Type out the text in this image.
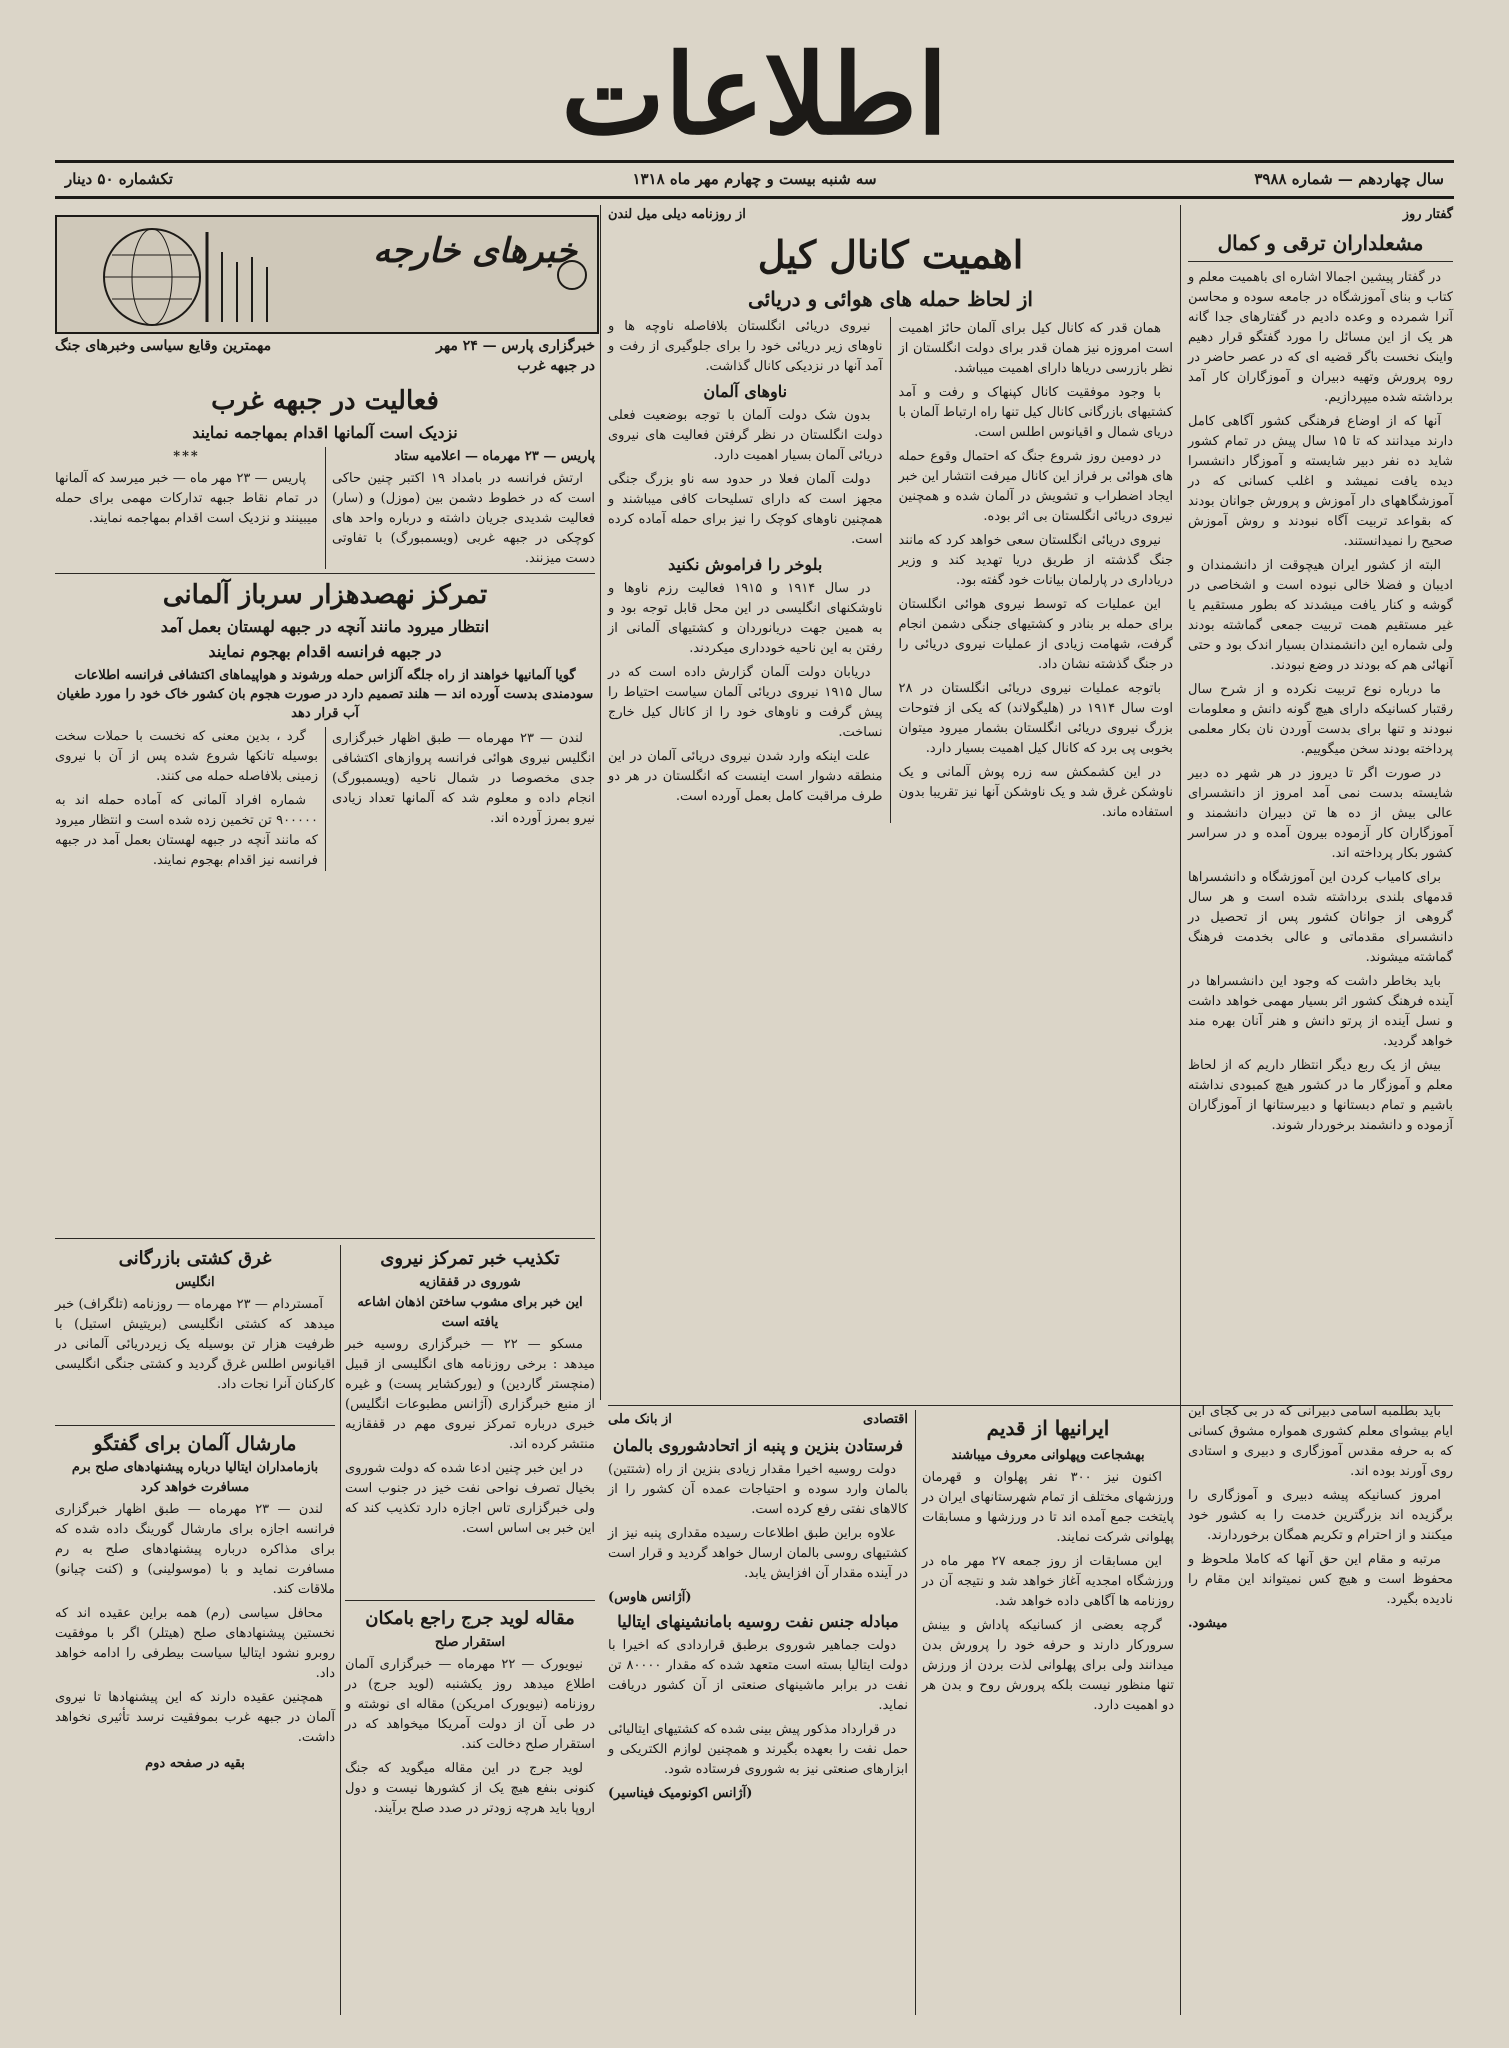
اطلاعات
سال چهاردهم — شماره ۳۹۸۸
سه شنبه بیست و چهارم مهر ماه ۱۳۱۸
تکشماره ۵۰ دینار
گفتار روز
مشعلداران ترقی و کمال

در گفتار پیشین اجمالا اشاره ای باهمیت معلم و کتاب و بنای آموزشگاه در جامعه سوده و محاسن آنرا شمرده و وعده دادیم در گفتارهای جدا گانه هر یک از این مسائل را مورد گفتگو قرار دهیم واینک نخست باگر قضیه ای که در عصر حاضر در روه پرورش وتهیه دبیران و آموزگاران کار آمد برداشته شده میپردازیم.

آنها که از اوضاع فرهنگی کشور آگاهی کامل دارند میدانند که تا ۱۵ سال پیش در تمام کشور شاید ده نفر دبیر شایسته و آموزگار دانشسرا دیده یافت نمیشد و اغلب کسانی که در آموزشگاههای دار آموزش و پرورش جوانان بودند که بقواعد تربیت آگاه نبودند و روش آموزش صحیح را نمیدانستند.

البته از کشور ایران هیچوقت از دانشمندان و ادیبان و فضلا خالی نبوده است و اشخاصی در گوشه و کنار یافت میشدند که بطور مستقیم یا غیر مستقیم همت تربیت جمعی گماشته بودند ولی شماره این دانشمندان بسیار اندک بود و حتی آنهائی هم که بودند در وضع نبودند.

ما درباره نوع تربیت نکرده و از شرح سال رقتبار کسانیکه دارای هیچ گونه دانش و معلومات نبودند و تنها برای بدست آوردن نان بکار معلمی پرداخته بودند سخن میگوییم.

در صورت اگر تا دیروز در هر شهر ده دبیر شایسته بدست نمی آمد امروز از دانشسرای عالی بیش از ده ها تن دبیران دانشمند و آموزگاران کار آزموده بیرون آمده و در سراسر کشور بکار پرداخته اند.

برای کامیاب کردن این آموزشگاه و دانشسراها قدمهای بلندی برداشته شده است و هر سال گروهی از جوانان کشور پس از تحصیل در دانشسرای مقدماتی و عالی بخدمت فرهنگ گماشته میشوند.

باید بخاطر داشت که وجود این دانشسراها در آینده فرهنگ کشور اثر بسیار مهمی خواهد داشت و نسل آینده از پرتو دانش و هنر آنان بهره مند خواهد گردید.

بیش از یک ربع دیگر انتظار داریم که از لحاظ معلم و آموزگار ما در کشور هیچ کمبودی نداشته باشیم و تمام دبستانها و دبیرستانها از آموزگاران آزموده و دانشمند برخوردار شوند.

از روزنامه دیلی میل لندن
اهمیت کانال کیل
از لحاظ حمله های هوائی و دریائی

همان قدر که کانال کیل برای آلمان حائز اهمیت است امروزه نیز همان قدر برای دولت انگلستان از نظر بازرسی دریاها دارای اهمیت میباشد.

با وجود موفقیت کانال کپنهاک و رفت و آمد کشتیهای بازرگانی کانال کیل تنها راه ارتباط آلمان با دریای شمال و اقیانوس اطلس است.

در دومین روز شروع جنگ که احتمال وقوع حمله های هوائی بر فراز این کانال میرفت انتشار این خبر ایجاد اضطراب و تشویش در آلمان شده و همچنین نیروی دریائی انگلستان بی اثر بوده.

نیروی دریائی انگلستان سعی خواهد کرد که مانند جنگ گذشته از طریق دریا تهدید کند و وزیر دریاداری در پارلمان بیانات خود گفته بود.

این عملیات که توسط نیروی هوائی انگلستان برای حمله بر بنادر و کشتیهای جنگی دشمن انجام گرفت، شهامت زیادی از عملیات نیروی دریائی را در جنگ گذشته نشان داد.

باتوجه عملیات نیروی دریائی انگلستان در ۲۸ اوت سال ۱۹۱۴ در (هلیگولاند) که یکی از فتوحات بزرگ نیروی دریائی انگلستان بشمار میرود میتوان بخوبی پی برد که کانال کیل اهمیت بسیار دارد.

در این کشمکش سه زره پوش آلمانی و یک ناوشکن غرق شد و یک ناوشکن آنها نیز تقریبا بدون استفاده ماند.

نیروی دریائی انگلستان بلافاصله ناوچه ها و ناوهای زیر دریائی خود را برای جلوگیری از رفت و آمد آنها در نزدیکی کانال گذاشت.

ناوهای آلمان

بدون شک دولت آلمان با توجه بوضعیت فعلی دولت انگلستان در نظر گرفتن فعالیت های نیروی دریائی آلمان بسیار اهمیت دارد.

دولت آلمان فعلا در حدود سه ناو بزرگ جنگی مجهز است که دارای تسلیحات کافی میباشند و همچنین ناوهای کوچک را نیز برای حمله آماده کرده است.

بلوخر را فراموش نکنید

در سال ۱۹۱۴ و ۱۹۱۵ فعالیت رزم ناوها و ناوشکنهای انگلیسی در این محل قابل توجه بود و به همین جهت دریانوردان و کشتیهای آلمانی از رفتن به این ناحیه خودداری میکردند.

دریابان دولت آلمان گزارش داده است که در سال ۱۹۱۵ نیروی دریائی آلمان سیاست احتیاط را پیش گرفت و ناوهای خود را از کانال کیل خارج نساخت.

علت اینکه وارد شدن نیروی دریائی آلمان در این منطقه دشوار است اینست که انگلستان در هر دو طرف مراقبت کامل بعمل آورده است.

خبرهای خارجه
خبرگزاری پارس — ۲۴ مهر
مهمترین وقایع سیاسی وخبرهای جنگ
در جبهه غرب
فعالیت در جبهه غرب
نزدیک است آلمانها اقدام بمهاجمه نمایند
پاریس — ۲۳ مهرماه — اعلامیه ستاد

ارتش فرانسه در بامداد ۱۹ اکتبر چنین حاکی است که در خطوط دشمن بین (موزل) و (سار) فعالیت شدیدی جریان داشته و درباره واحد های کوچکی در جبهه غربی (ویسمبورگ) با تفاوتی دست میزنند.

***

پاریس — ۲۳ مهر ماه — خبر میرسد که آلمانها در تمام نقاط جبهه تدارکات مهمی برای حمله میبینند و نزدیک است اقدام بمهاجمه نمایند.

تمرکز نهصدهزار سرباز آلمانی
انتظار میرود مانند آنچه در جبهه لهستان بعمل آمد
در جبهه فرانسه اقدام بهجوم نمایند
گویا آلمانیها خواهند از راه جلگه آلزاس حمله ورشوند و هواپیماهای اکتشافی فرانسه اطلاعات سودمندی بدست آورده اند — هلند تصمیم دارد در صورت هجوم بان کشور خاک خود را مورد طغیان آب قرار دهد

لندن — ۲۳ مهرماه — طبق اظهار خبرگزاری انگلیس نیروی هوائی فرانسه پروازهای اکتشافی جدی مخصوصا در شمال ناحیه (ویسمبورگ) انجام داده و معلوم شد که آلمانها تعداد زیادی نیرو بمرز آورده اند.

گرد ، بدین معنی که نخست با حملات سخت بوسیله تانکها شروع شده پس از آن با نیروی زمینی بلافاصله حمله می کنند.

شماره افراد آلمانی که آماده حمله اند به ۹۰۰۰۰۰ تن تخمین زده شده است و انتظار میرود که مانند آنچه در جبهه لهستان بعمل آمد در جبهه فرانسه نیز اقدام بهجوم نمایند.

تکذیب خبر تمرکز نیروی
شوروی در قفقازیه
این خبر برای مشوب ساختن اذهان اشاعه یافته است

مسکو — ۲۲ — خبرگزاری روسیه خبر میدهد : برخی روزنامه های انگلیسی از قبیل (منچستر گاردین) و (یورکشایر پست) و غیره از منبع خبرگزاری (آژانس مطبوعات انگلیس) خبری درباره تمرکز نیروی مهم در قفقازیه منتشر کرده اند.

در این خبر چنین ادعا شده که دولت شوروی بخیال تصرف نواحی نفت خیز در جنوب است ولی خبرگزاری تاس اجازه دارد تکذیب کند که این خبر بی اساس است.

غرق کشتی بازرگانی
انگلیس

آمستردام — ۲۳ مهرماه — روزنامه (تلگراف) خبر میدهد که کشتی انگلیسی (بریتیش استیل) با ظرفیت هزار تن بوسیله یک زیردریائی آلمانی در اقیانوس اطلس غرق گردید و کشتی جنگی انگلیسی کارکنان آنرا نجات داد.

مارشال آلمان برای گفتگو
بازمامداران ایتالیا درباره پیشنهادهای صلح برم مسافرت خواهد کرد

لندن — ۲۳ مهرماه — طبق اظهار خبرگزاری فرانسه اجازه برای مارشال گورینگ داده شده که برای مذاکره درباره پیشنهادهای صلح به رم مسافرت نماید و با (موسولینی) و (کنت چیانو) ملاقات کند.

محافل سیاسی (رم) همه براین عقیده اند که نخستین پیشنهادهای صلح (هیتلر) اگر با موفقیت روبرو نشود ایتالیا سیاست بیطرفی را ادامه خواهد داد.

همچنین عقیده دارند که این پیشنهادها تا نیروی آلمان در جبهه غرب بموفقیت نرسد تأثیری نخواهد داشت.

بقیه در صفحه دوم
مقاله لوید جرج راجع بامکان
استقرار صلح

نیویورک — ۲۲ مهرماه — خبرگزاری آلمان اطلاع میدهد روز یکشنبه (لوید جرج) در روزنامه (نیویورک امریکن) مقاله ای نوشته و در طی آن از دولت آمریکا میخواهد که در استقرار صلح دخالت کند.

لوید جرج در این مقاله میگوید که جنگ کنونی بنفع هیچ یک از کشورها نیست و دول اروپا باید هرچه زودتر در صدد صلح برآیند.

اقتصادی
از بانک ملی
فرستادن بنزین و پنبه از اتحادشوروی بالمان

دولت روسیه اخیرا مقدار زیادی بنزین از راه (شتتین) بالمان وارد سوده و احتیاجات عمده آن کشور را از کالاهای نفتی رفع کرده است.

علاوه براین طبق اطلاعات رسیده مقداری پنبه نیز از کشتیهای روسی بالمان ارسال خواهد گردید و قرار است در آینده مقدار آن افزایش یابد.

(آژانس هاوس)
مبادله جنس نفت روسیه بامانشینهای ایتالیا

دولت جماهیر شوروی برطبق قراردادی که اخیرا با دولت ایتالیا بسته است متعهد شده که مقدار ۸۰۰۰۰ تن نفت در برابر ماشینهای صنعتی از آن کشور دریافت نماید.

در قرارداد مذکور پیش بینی شده که کشتیهای ایتالیائی حمل نفت را بعهده بگیرند و همچنین لوازم الکتریکی و ابزارهای صنعتی نیز به شوروی فرستاده شود.

(آژانس اکونومیک فیناسیر)
ایرانیها از قدیم
بهشجاعت وپهلوانی معروف میباشند

اکنون نیز ۳۰۰ نفر پهلوان و قهرمان ورزشهای مختلف از تمام شهرستانهای ایران در پایتخت جمع آمده اند تا در ورزشها و مسابقات پهلوانی شرکت نمایند.

این مسابقات از روز جمعه ۲۷ مهر ماه در ورزشگاه امجدیه آغاز خواهد شد و نتیجه آن در روزنامه ها آگاهی داده خواهد شد.

گرچه بعضی از کسانیکه پاداش و بینش سرورکار دارند و حرفه خود را پرورش بدن میدانند ولی برای پهلوانی لذت بردن از ورزش تنها منظور نیست بلکه پرورش روح و بدن هر دو اهمیت دارد.

باید بطلمبه اسامی دبیرانی که در بی کجای این ایام بیشوای معلم کشوری همواره مشوق کسانی که به حرفه مقدس آموزگاری و دبیری و استادی روی آورند بوده اند.

امروز کسانیکه پیشه دبیری و آموزگاری را برگزیده اند بزرگترین خدمت را به کشور خود میکنند و از احترام و تکریم همگان برخوردارند.

مرتبه و مقام این حق آنها که کاملا ملحوظ و محفوظ است و هیچ کس نمیتواند این مقام را نادیده بگیرد.

میشود.
